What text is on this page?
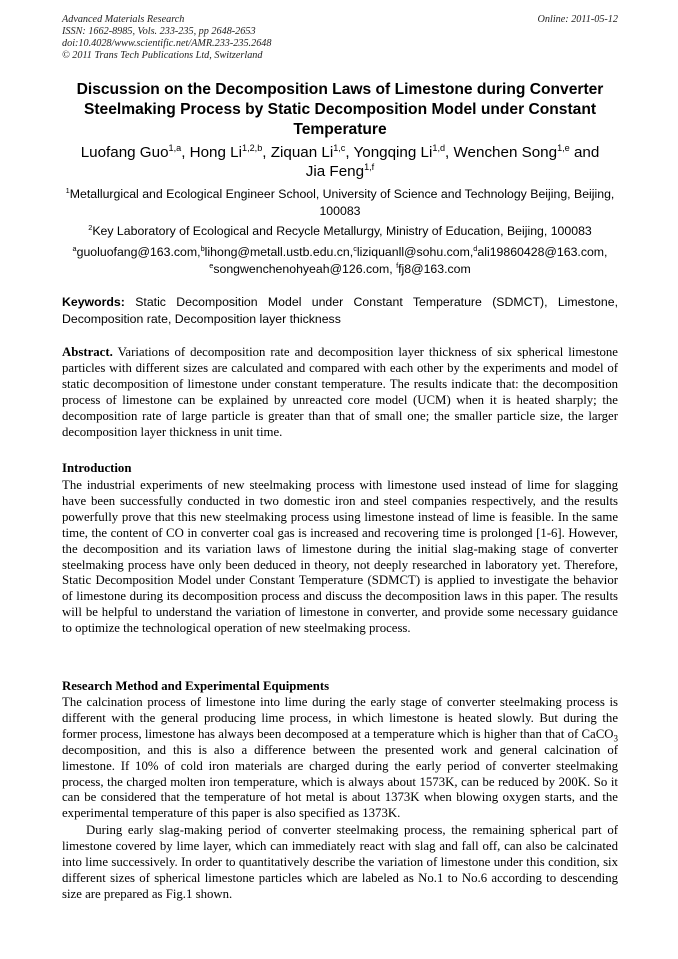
Advanced Materials Research
ISSN: 1662-8985, Vols. 233-235, pp 2648-2653
doi:10.4028/www.scientific.net/AMR.233-235.2648
© 2011 Trans Tech Publications Ltd, Switzerland
Online: 2011-05-12
Discussion on the Decomposition Laws of Limestone during Converter Steelmaking Process by Static Decomposition Model under Constant Temperature
Luofang Guo$^{1,a}$, Hong Li$^{1,2,b}$, Ziquan Li$^{1,c}$, Yongqing Li$^{1,d}$, Wenchen Song$^{1,e}$ and
Jia Feng$^{1,f}$
$^1$Metallurgical and Ecological Engineer School, University of Science and Technology Beijing, Beijing, 100083
$^2$Key Laboratory of Ecological and Recycle Metallurgy, Ministry of Education, Beijing, 100083
$^a$guoluofang@163.com,$^b$lihong@metall.ustb.edu.cn,$^c$liziquanll@sohu.com,$^d$ali19860428@163.com,
$^e$songwenchenohyeah@126.com, $^f$fj8@163.com
Keywords: Static Decomposition Model under Constant Temperature (SDMCT), Limestone, Decomposition rate, Decomposition layer thickness
Abstract. Variations of decomposition rate and decomposition layer thickness of six spherical limestone particles with different sizes are calculated and compared with each other by the experiments and model of static decomposition of limestone under constant temperature. The results indicate that: the decomposition process of limestone can be explained by unreacted core model (UCM) when it is heated sharply; the decomposition rate of large particle is greater than that of small one; the smaller particle size, the larger decomposition layer thickness in unit time.
Introduction
The industrial experiments of new steelmaking process with limestone used instead of lime for slagging have been successfully conducted in two domestic iron and steel companies respectively, and the results powerfully prove that this new steelmaking process using limestone instead of lime is feasible. In the same time, the content of CO in converter coal gas is increased and recovering time is prolonged [1-6]. However, the decomposition and its variation laws of limestone during the initial slag-making stage of converter steelmaking process have only been deduced in theory, not deeply researched in laboratory yet. Therefore, Static Decomposition Model under Constant Temperature (SDMCT) is applied to investigate the behavior of limestone during its decomposition process and discuss the decomposition laws in this paper. The results will be helpful to understand the variation of limestone in converter, and provide some necessary guidance to optimize the technological operation of new steelmaking process.
Research Method and Experimental Equipments
The calcination process of limestone into lime during the early stage of converter steelmaking process is different with the general producing lime process, in which limestone is heated slowly. But during the former process, limestone has always been decomposed at a temperature which is higher than that of CaCO$_3$ decomposition, and this is also a difference between the presented work and general calcination of limestone. If 10% of cold iron materials are charged during the early period of converter steelmaking process, the charged molten iron temperature, which is always about 1573K, can be reduced by 200K. So it can be considered that the temperature of hot metal is about 1373K when blowing oxygen starts, and the experimental temperature of this paper is also specified as 1373K.
During early slag-making period of converter steelmaking process, the remaining spherical part of limestone covered by lime layer, which can immediately react with slag and fall off, can also be calcinated into lime successively. In order to quantitatively describe the variation of limestone under this condition, six different sizes of spherical limestone particles which are labeled as No.1 to No.6 according to descending size are prepared as Fig.1 shown.
